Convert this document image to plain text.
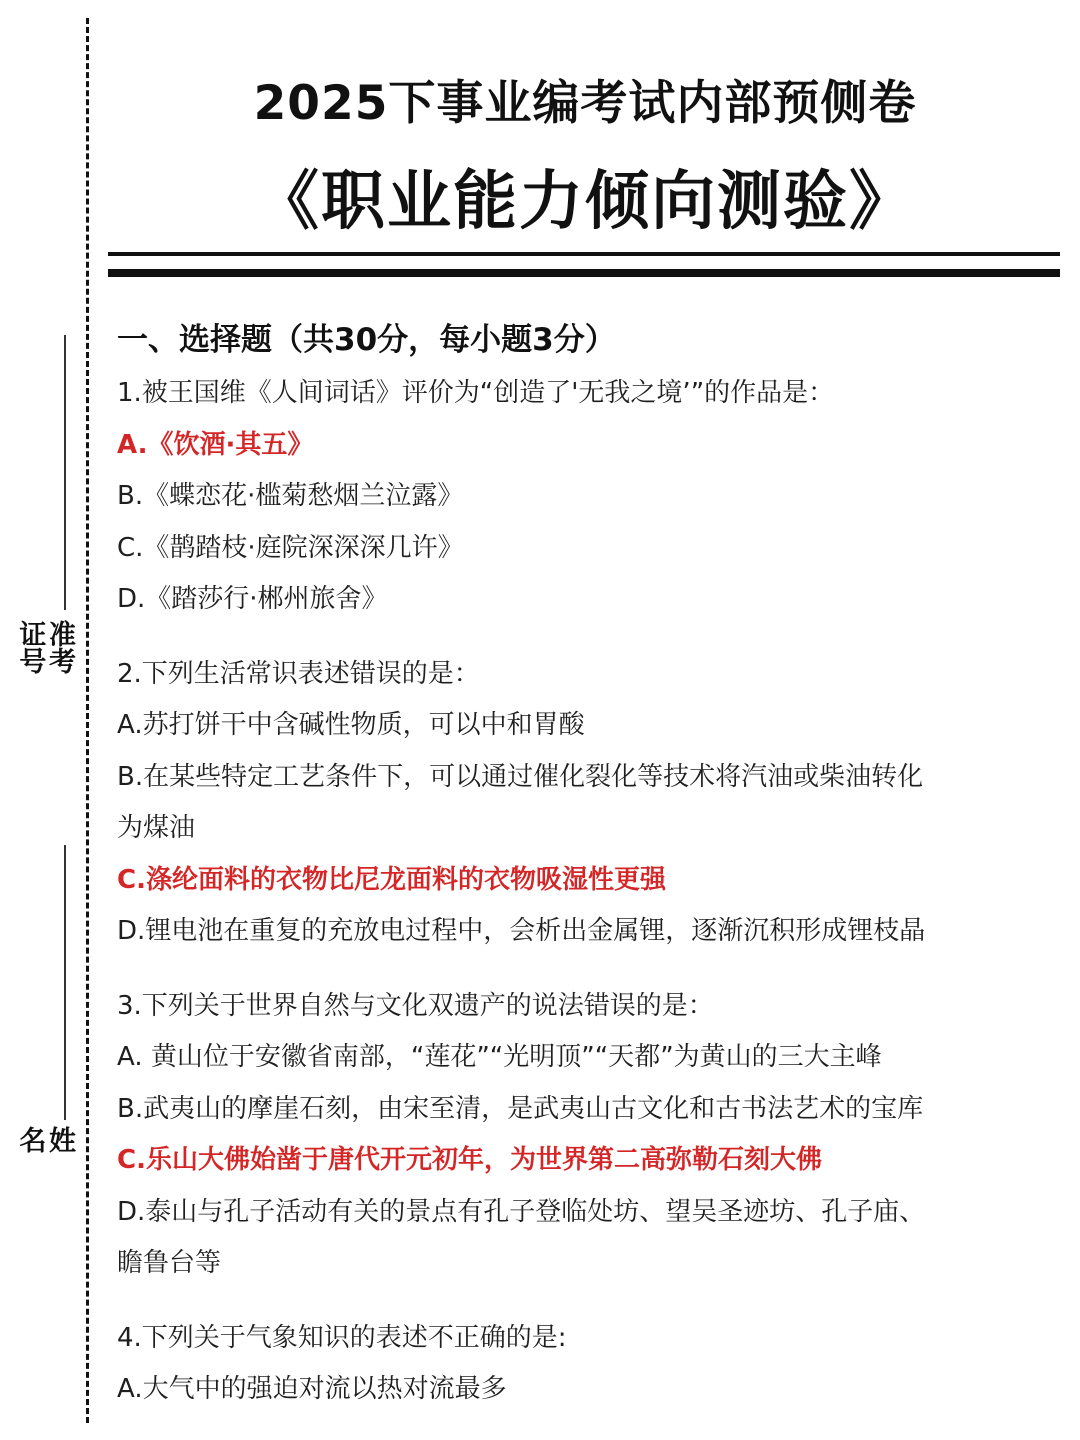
准考证号
姓名
2025下事业编考试内部预侧卷
《职业能力倾向测验》
一、选择题（共30分，每小题3分）
1.被王国维《人间词话》评价为“创造了'无我之境’”的作品是：
A.《饮酒·其五》
B.《蝶恋花·槛菊愁烟兰泣露》
C.《鹊踏枝·庭院深深深几许》
D.《踏莎行·郴州旅舍》
2.下列生活常识表述错误的是：
A.苏打饼干中含碱性物质，可以中和胃酸
B.在某些特定工艺条件下，可以通过催化裂化等技术将汽油或柴油转化
为煤油
C.涤纶面料的衣物比尼龙面料的衣物吸湿性更强
D.锂电池在重复的充放电过程中，会析出金属锂，逐渐沉积形成锂枝晶
3.下列关于世界自然与文化双遗产的说法错误的是：
A. 黄山位于安徽省南部，“莲花”“光明顶”“天都”为黄山的三大主峰
B.武夷山的摩崖石刻，由宋至清，是武夷山古文化和古书法艺术的宝库
C.乐山大佛始凿于唐代开元初年，为世界第二高弥勒石刻大佛
D.泰山与孔子活动有关的景点有孔子登临处坊、望吴圣迹坊、孔子庙、
瞻鲁台等
4.下列关于气象知识的表述不正确的是:
A.大气中的强迫对流以热对流最多
